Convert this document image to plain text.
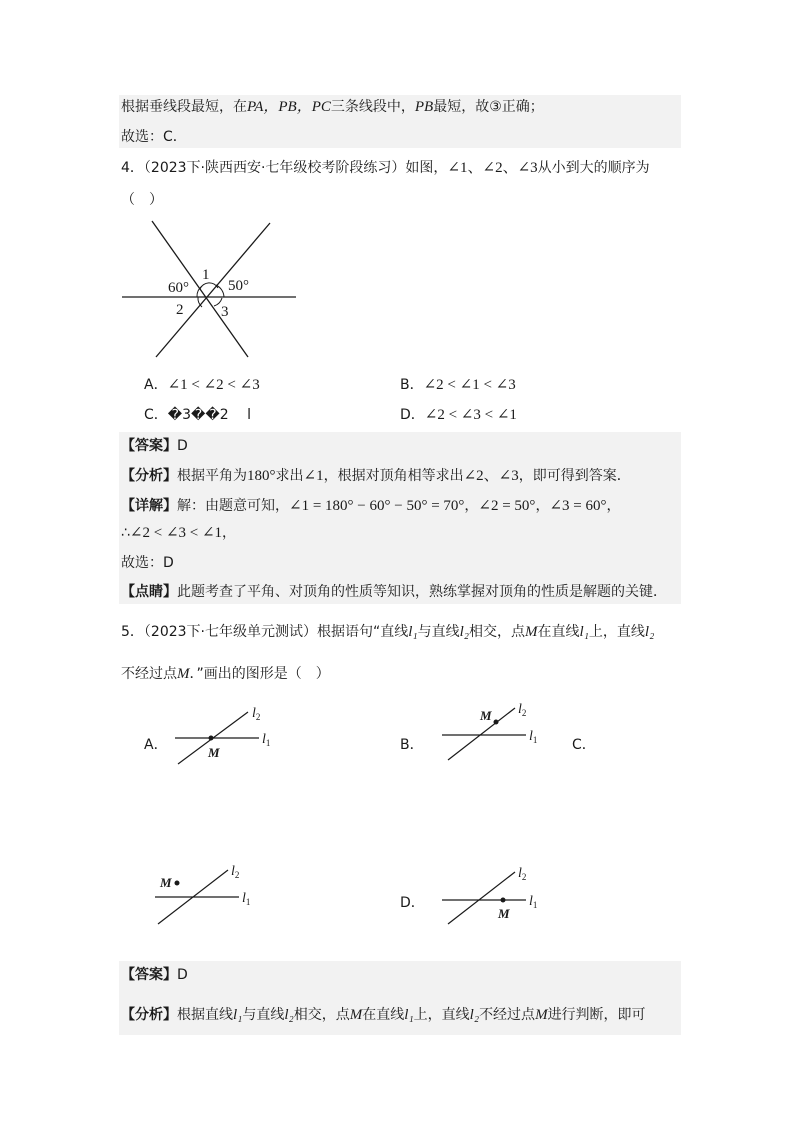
根据垂线段最短，在PA，PB，PC三条线段中，PB最短，故③正确；
故选：C．
4．（2023下·陕西西安·七年级校考阶段练习）如图，∠1、∠2、∠3从小到大的顺序为
（　）
60°
1
50°
2	3
A．∠1 < ∠2 < ∠3	B．∠2 < ∠1 < ∠3
C．�3��2　 l	D．∠2 < ∠3 < ∠1
【答案】D
【分析】根据平角为180°求出∠1，根据对顶角相等求出∠2、∠3，即可得到答案．
【详解】解：由题意可知，∠1 = 180° − 60° − 50° = 70°，∠2 = 50°，∠3 = 60°，
∴∠2 < ∠3 < ∠1，
故选：D
【点睛】此题考查了平角、对顶角的性质等知识，熟练掌握对顶角的性质是解题的关键．
5．（2023下·七年级单元测试）根据语句“直线l₁与直线l₂相交，点M在直线l₁上，直线l₂
不经过点M．”画出的图形是（　）
A．
$l_2$
$l_1$
M	B．
M $l_2$
$l_1$ C．
M
$l_2$
$l_1$	D．
M
$l_2$
$l_1$
【答案】D
【分析】根据直线l₁与直线l₂相交，点M在直线l₁上，直线l₂不经过点M进行判断，即可
